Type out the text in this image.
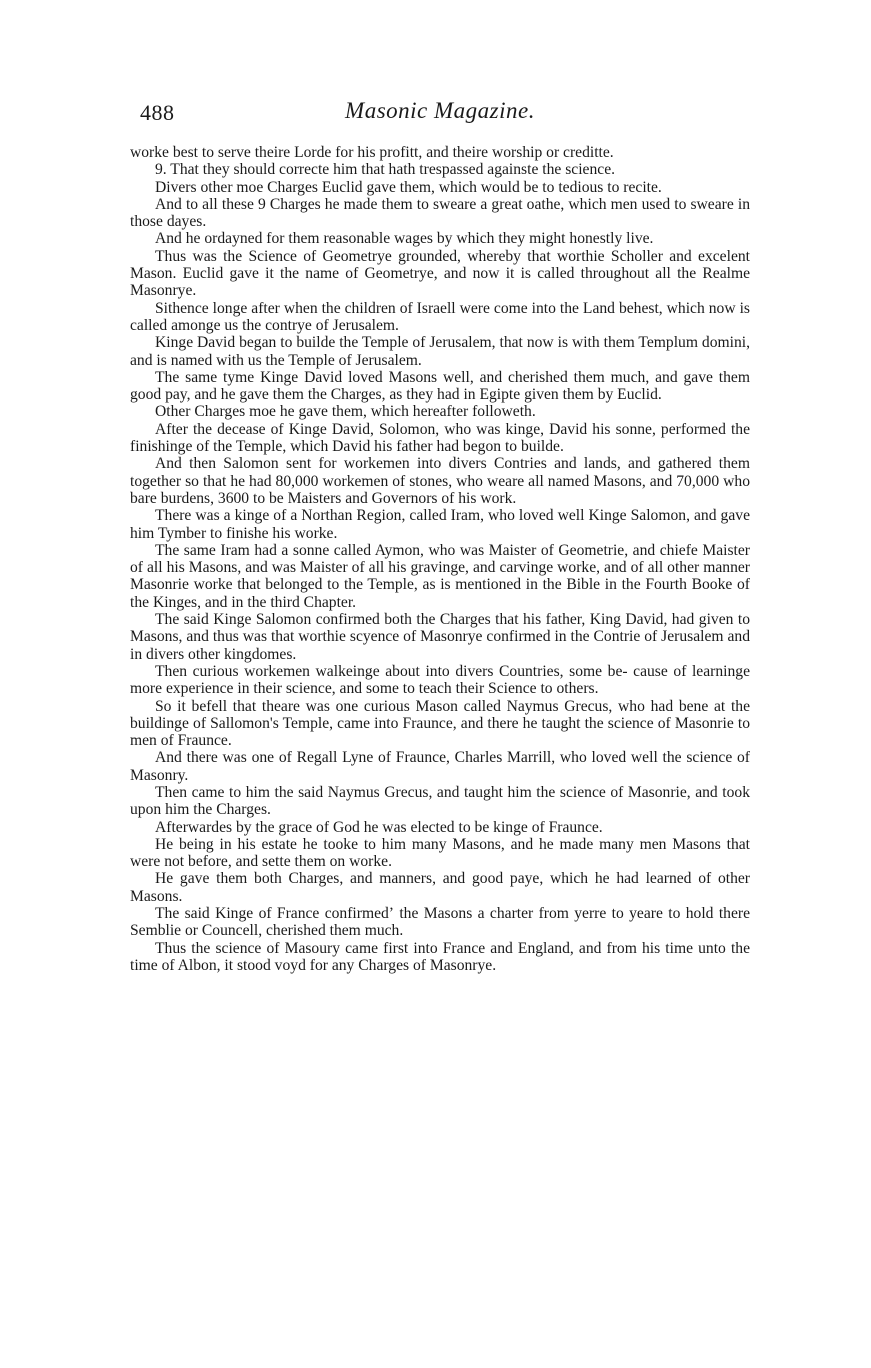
488	Masonic Magazine.

worke best to serve theire Lorde for his profitt, and theire worship or creditte.

9. That they should correcte him that hath trespassed againste the science.

Divers other moe Charges Euclid gave them, which would be to tedious to recite.

And to all these 9 Charges he made them to sweare a great oathe, which men used to sweare in those dayes.

And he ordayned for them reasonable wages by which they might honestly live.

Thus was the Science of Geometrye grounded, whereby that worthie Scholler and excelent Mason. Euclid gave it the name of Geometrye, and now it is called throughout all the Realme Masonrye.

Sithence longe after when the children of Israell were come into the Land behest, which now is called amonge us the contrye of Jerusalem.

Kinge David began to builde the Temple of Jerusalem, that now is with them Templum domini, and is named with us the Temple of Jerusalem.

The same tyme Kinge David loved Masons well, and cherished them much, and gave them good pay, and he gave them the Charges, as they had in Egipte given them by Euclid.

Other Charges moe he gave them, which hereafter followeth.

After the decease of Kinge David, Solomon, who was kinge, David his sonne, performed the finishinge of the Temple, which David his father had begon to builde.

And then Salomon sent for workemen into divers Contries and lands, and gathered them together so that he had 80,000 workemen of stones, who weare all named Masons, and 70,000 who bare burdens, 3600 to be Maisters and Governors of his work.

There was a kinge of a Northan Region, called Iram, who loved well Kinge Salomon, and gave him Tymber to finishe his worke.

The same Iram had a sonne called Aymon, who was Maister of Geometrie, and chiefe Maister of all his Masons, and was Maister of all his gravinge, and carvinge worke, and of all other manner Masonrie worke that belonged to the Temple, as is mentioned in the Bible in the Fourth Booke of the Kinges, and in the third Chapter.

The said Kinge Salomon confirmed both the Charges that his father, King David, had given to Masons, and thus was that worthie scyence of Masonrye confirmed in the Contrie of Jerusalem and in divers other kingdomes.

Then curious workemen walkeinge about into divers Countries, some be- cause of learninge more experience in their science, and some to teach their Science to others.

So it befell that theare was one curious Mason called Naymus Grecus, who had bene at the buildinge of Sallomon's Temple, came into Fraunce, and there he taught the science of Masonrie to men of Fraunce.

And there was one of Regall Lyne of Fraunce, Charles Marrill, who loved well the science of Masonry.

Then came to him the said Naymus Grecus, and taught him the science of Masonrie, and took upon him the Charges.

Afterwardes by the grace of God he was elected to be kinge of Fraunce.

He being in his estate he tooke to him many Masons, and he made many men Masons that were not before, and sette them on worke.

He gave them both Charges, and manners, and good paye, which he had learned of other Masons.

The said Kinge of France confirmedʼ the Masons a charter from yerre to yeare to hold there Semblie or Councell, cherished them much.

Thus the science of Masoury came first into France and England, and from his time unto the time of Albon, it stood voyd for any Charges of Masonrye.
